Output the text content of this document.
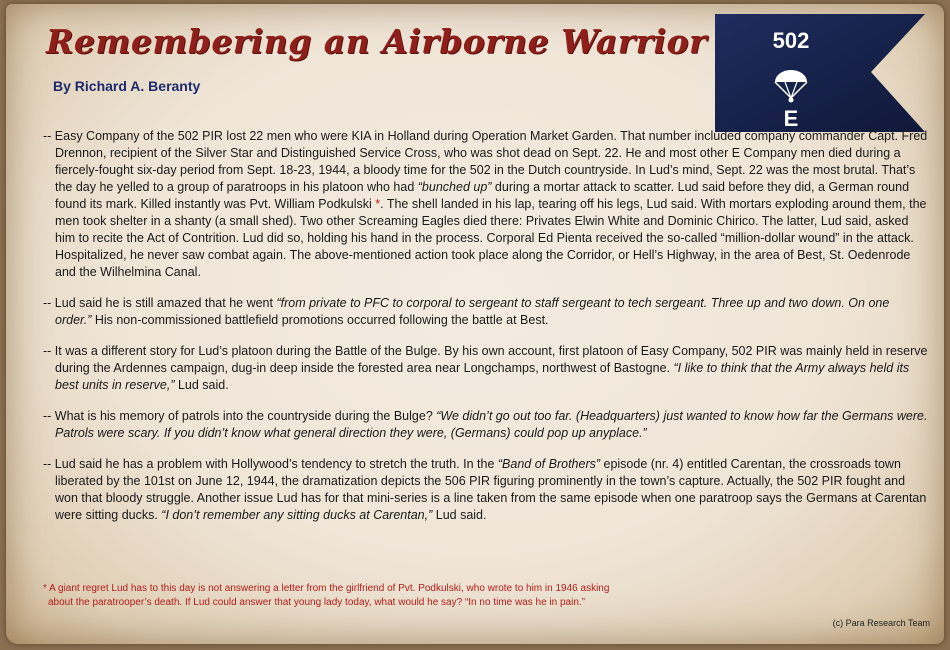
Remembering an Airborne Warrior
By Richard A. Beranty
502
E

-- Easy Company of the 502 PIR lost 22 men who were KIA in Holland during Operation Market Garden. That number included company commander Capt. Fred Drennon, recipient of the Silver Star and Distinguished Service Cross, who was shot dead on Sept. 22. He and most other E Company men died during a fiercely-fought six-day period from Sept. 18-23, 1944, a bloody time for the 502 in the Dutch countryside. In Lud’s mind, Sept. 22 was the most brutal. That’s the day he yelled to a group of paratroops in his platoon who had “bunched up” during a mortar attack to scatter. Lud said before they did, a German round found its mark. Killed instantly was Pvt. William Podkulski *. The shell landed in his lap, tearing off his legs, Lud said. With mortars exploding around them, the men took shelter in a shanty (a small shed). Two other Screaming Eagles died there: Privates Elwin White and Dominic Chirico. The latter, Lud said, asked him to recite the Act of Contrition. Lud did so, holding his hand in the process. Corporal Ed Pienta received the so-called “million-dollar wound” in the attack. Hospitalized, he never saw combat again. The above-mentioned action took place along the Corridor, or Hell’s Highway, in the area of Best, St. Oedenrode and the Wilhelmina Canal.

-- Lud said he is still amazed that he went “from private to PFC to corporal to sergeant to staff sergeant to tech sergeant. Three up and two down. On one order.” His non-commissioned battlefield promotions occurred following the battle at Best.

-- It was a different story for Lud’s platoon during the Battle of the Bulge. By his own account, first platoon of Easy Company, 502 PIR was mainly held in reserve during the Ardennes campaign, dug-in deep inside the forested area near Longchamps, northwest of Bastogne. “I like to think that the Army always held its best units in reserve,” Lud said.

-- What is his memory of patrols into the countryside during the Bulge? “We didn’t go out too far. (Headquarters) just wanted to know how far the Germans were. Patrols were scary. If you didn’t know what general direction they were, (Germans) could pop up anyplace.”

-- Lud said he has a problem with Hollywood’s tendency to stretch the truth. In the “Band of Brothers” episode (nr. 4) entitled Carentan, the crossroads town liberated by the 101st on June 12, 1944, the dramatization depicts the 506 PIR figuring prominently in the town’s capture. Actually, the 502 PIR fought and won that bloody struggle. Another issue Lud has for that mini-series is a line taken from the same episode when one paratroop says the Germans at Carentan were sitting ducks. “I don’t remember any sitting ducks at Carentan,” Lud said.

* A giant regret Lud has to this day is not answering a letter from the girlfriend of Pvt. Podkulski, who wrote to him in 1946 asking
about the paratrooper’s death. If Lud could answer that young lady today, what would he say? “In no time was he in pain.”
(c) Para Research Team
